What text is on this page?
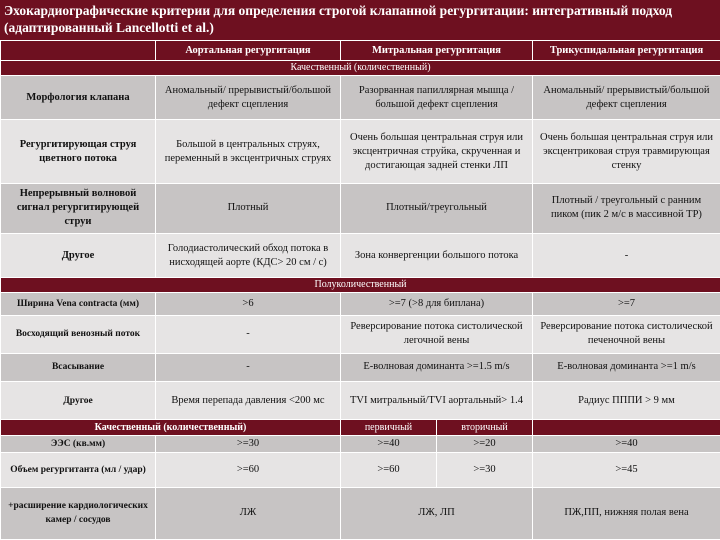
Эхокардиографические критерии для определения строгой клапанной регургитации: интегративный подход
(адаптированный Lancellotti et al.)
	Аортальная регургитация	Митральная регургитация		Трикуспидальная регургитация
Качественный (количественный)				
Морфология клапана	Аномальный/ прерывистый/большой дефект сцепления	Разорванная папиллярная мышца / большой дефект сцепления		Аномальный/ прерывистый/большой дефект сцепления
Регургитирующая струя цветного потока	Большой в центральных струях, переменный в эксцентричных струях	Очень большая центральная струя или эксцентричная струйка, скрученная и достигающая задней стенки ЛП		Очень большая центральная струя или эксцентриковая струя травмирующая стенку
Непрерывный волновой сигнал регургитирующей струи	Плотный	Плотный/треугольный		Плотный / треугольный с ранним пиком (пик 2 м/с в массивной ТР)
Другое	Голодиастолический обход потока в нисходящей аорте (КДС> 20 см / с)	Зона конвергенции большого потока		-
Полуколичественный				
Ширина Vena contracta (мм)	>6	>=7 (>8 для биплана)		>=7
Восходящий венозный поток	-	Реверсирование потока систолической легочной вены		Реверсирование потока систолической печеночной вены
Всасывание	-	E-волновая доминанта >=1.5 m/s		E-волновая доминанта >=1 m/s
Другое	Время перепада давления <200 мс	TVI митральный/TVI аортальный> 1.4		Радиус ПППИ > 9 мм
Качественный (количественный)		первичный	вторичный	
ЭЭС (кв.мм)	>=30	>=40	>=20	>=40
Объем регургитанта (мл / удар)	>=60	>=60	>=30	>=45
+расширение кардиологических камер / сосудов	ЛЖ	ЛЖ, ЛП		ПЖ,ПП, нижняя полая вена
